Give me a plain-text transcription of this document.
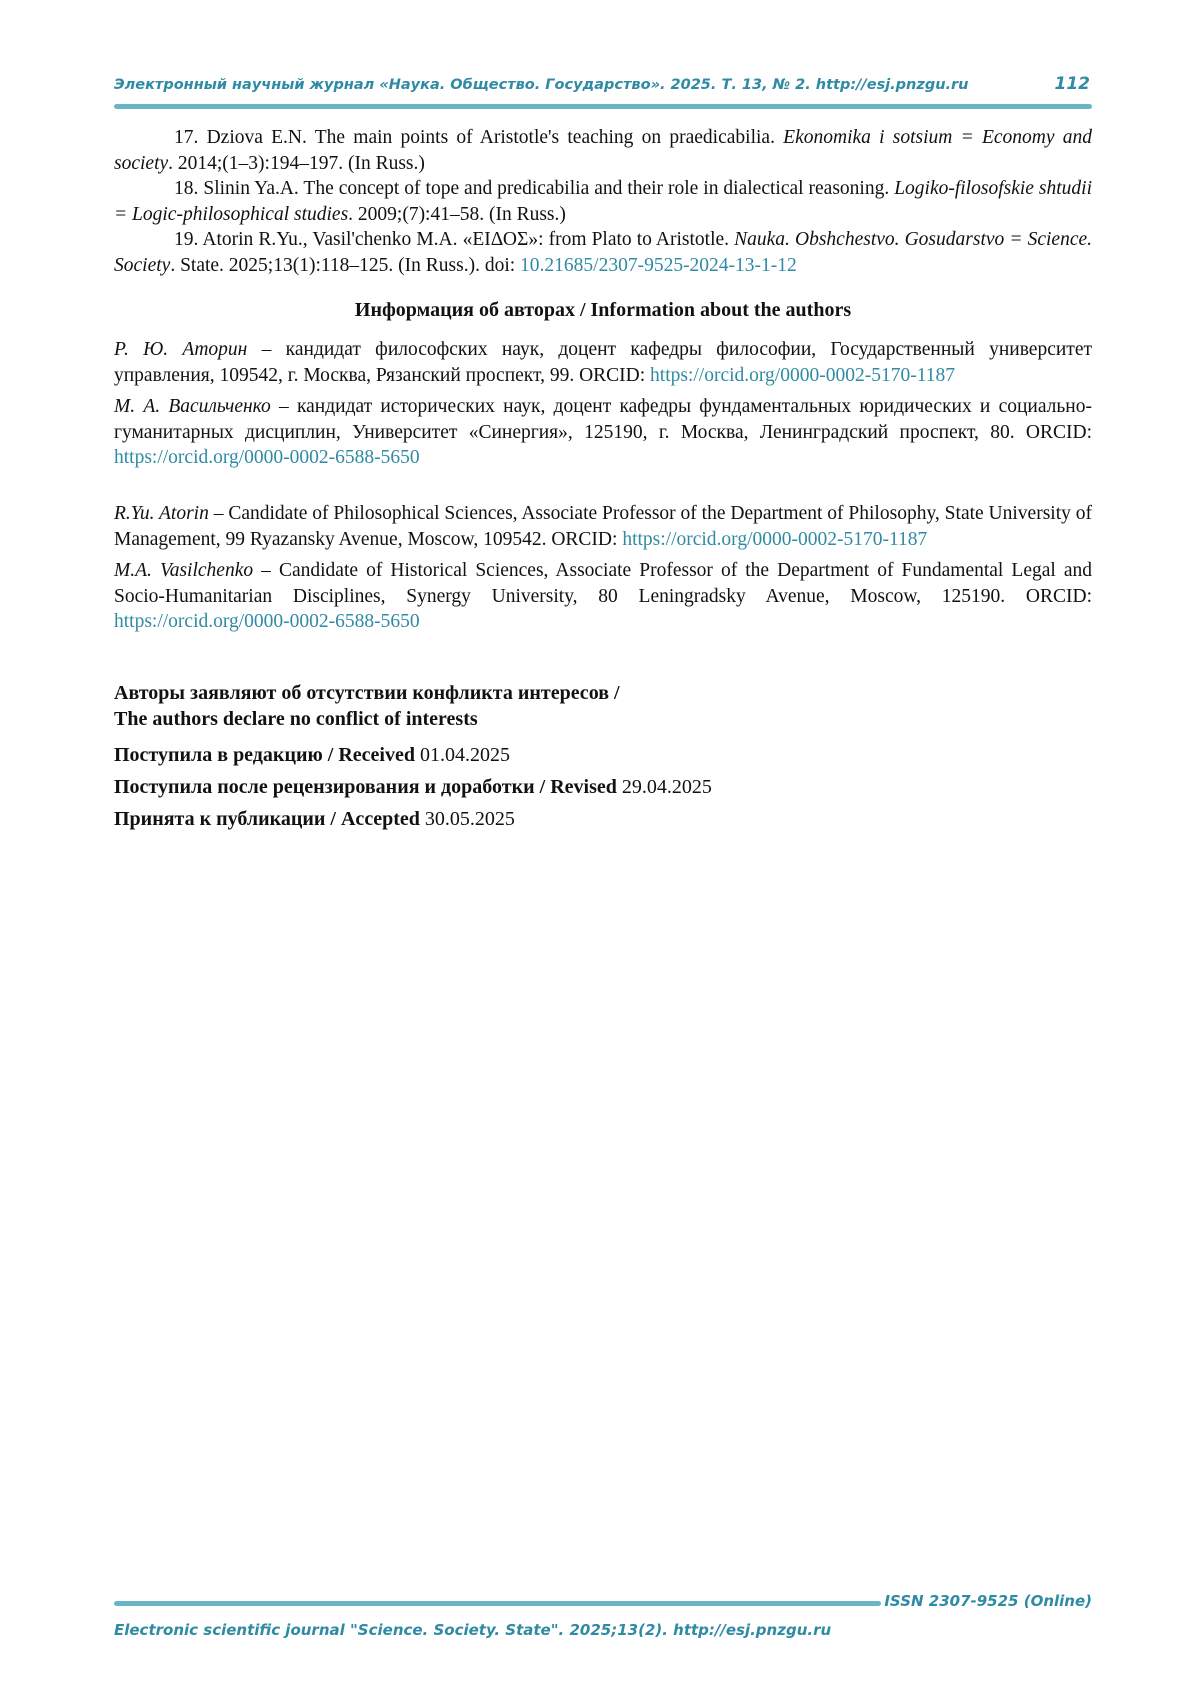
Электронный научный журнал «Наука. Общество. Государство». 2025. Т. 13, № 2. http://esj.pnzgu.ru	112

17. Dziova E.N. The main points of Aristotle's teaching on praedicabilia. Ekonomika i sotsium = Economy and society. 2014;(1–3):194–197. (In Russ.)

18. Slinin Ya.A. The concept of tope and predicabilia and their role in dialectical reasoning. Logiko-filosofskie shtudii = Logic-philosophical studies. 2009;(7):41–58. (In Russ.)

19. Atorin R.Yu., Vasil'chenko M.A. «ΕΙΔΟΣ»: from Plato to Aristotle. Nauka. Obshchestvo. Gosudarstvo = Science. Society. State. 2025;13(1):118–125. (In Russ.). doi: 10.21685/2307-9525-2024-13-1-12

Информация об авторах / Information about the authors

Р. Ю. Аторин – кандидат философских наук, доцент кафедры философии, Государственный университет управления, 109542, г. Москва, Рязанский проспект, 99. ORCID: https://orcid.org/0000-0002-5170-1187

М. А. Васильченко – кандидат исторических наук, доцент кафедры фундаментальных юридических и социально-гуманитарных дисциплин, Университет «Синергия», 125190, г. Москва, Ленинградский проспект, 80. ORCID: https://orcid.org/0000-0002-6588-5650

R.Yu. Atorin – Candidate of Philosophical Sciences, Associate Professor of the Department of Philosophy, State University of Management, 99 Ryazansky Avenue, Moscow, 109542. ORCID: https://orcid.org/0000-0002-5170-1187

M.A. Vasilchenko – Candidate of Historical Sciences, Associate Professor of the Department of Fundamental Legal and Socio-Humanitarian Disciplines, Synergy University, 80 Leningradsky Avenue, Moscow, 125190. ORCID: https://orcid.org/0000-0002-6588-5650

Авторы заявляют об отсутствии конфликта интересов /
The authors declare no conflict of interests
Поступила в редакцию / Received 01.04.2025
Поступила после рецензирования и доработки / Revised 29.04.2025
Принята к публикации / Accepted 30.05.2025
ISSN 2307-9525 (Online)
Electronic scientific journal "Science. Society. State". 2025;13(2). http://esj.pnzgu.ru
